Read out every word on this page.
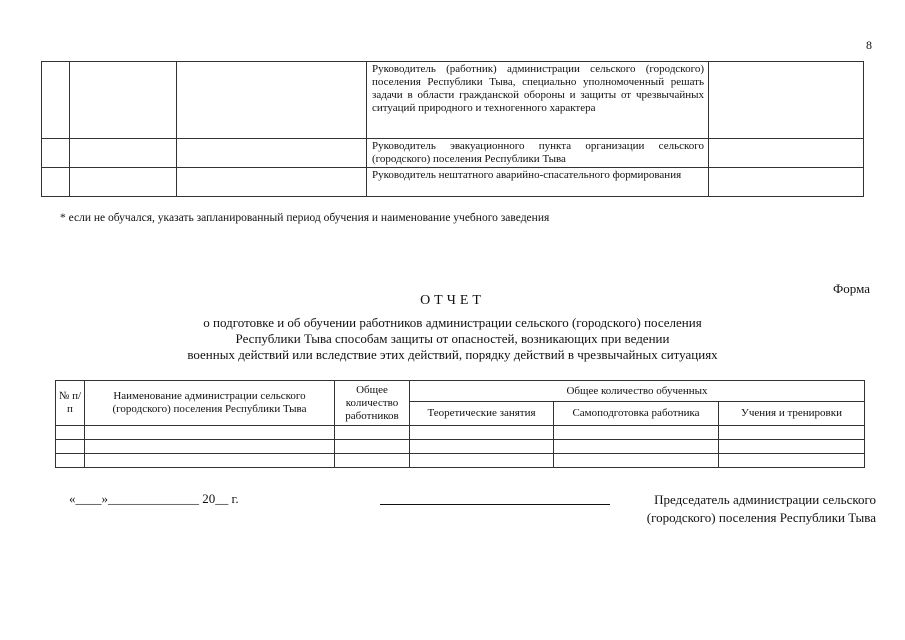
8
			Руководитель (работник) администрации сельского (городского) поселения Республики Тыва, специально уполномоченный решать задачи в области гражданской обороны и защиты от чрезвычайных ситуаций природного и техногенного характера	
			Руководитель эвакуационного пункта организации сельского (городского) поселения Республики Тыва	
			Руководитель нештатного аварийно-спасательного формирования	
* если не обучался, указать запланированный период обучения и наименование учебного заведения
Форма
ОТЧЕТ
о подготовке и об обучении работников администрации сельского (городского) поселения
Республики Тыва способам защиты от опасностей, возникающих при ведении
военных действий или вследствие этих действий, порядку действий в чрезвычайных ситуациях
№ п/п	Наименование администрации сельского (городского) поселения Республики Тыва	Общее количество работников	Общее количество обученных		
			Теоретические занятия	Самоподготовка работника	Учения и тренировки

«____»______________ 20__ г.	Председатель администрации сельского
(городского) поселения Республики Тыва
